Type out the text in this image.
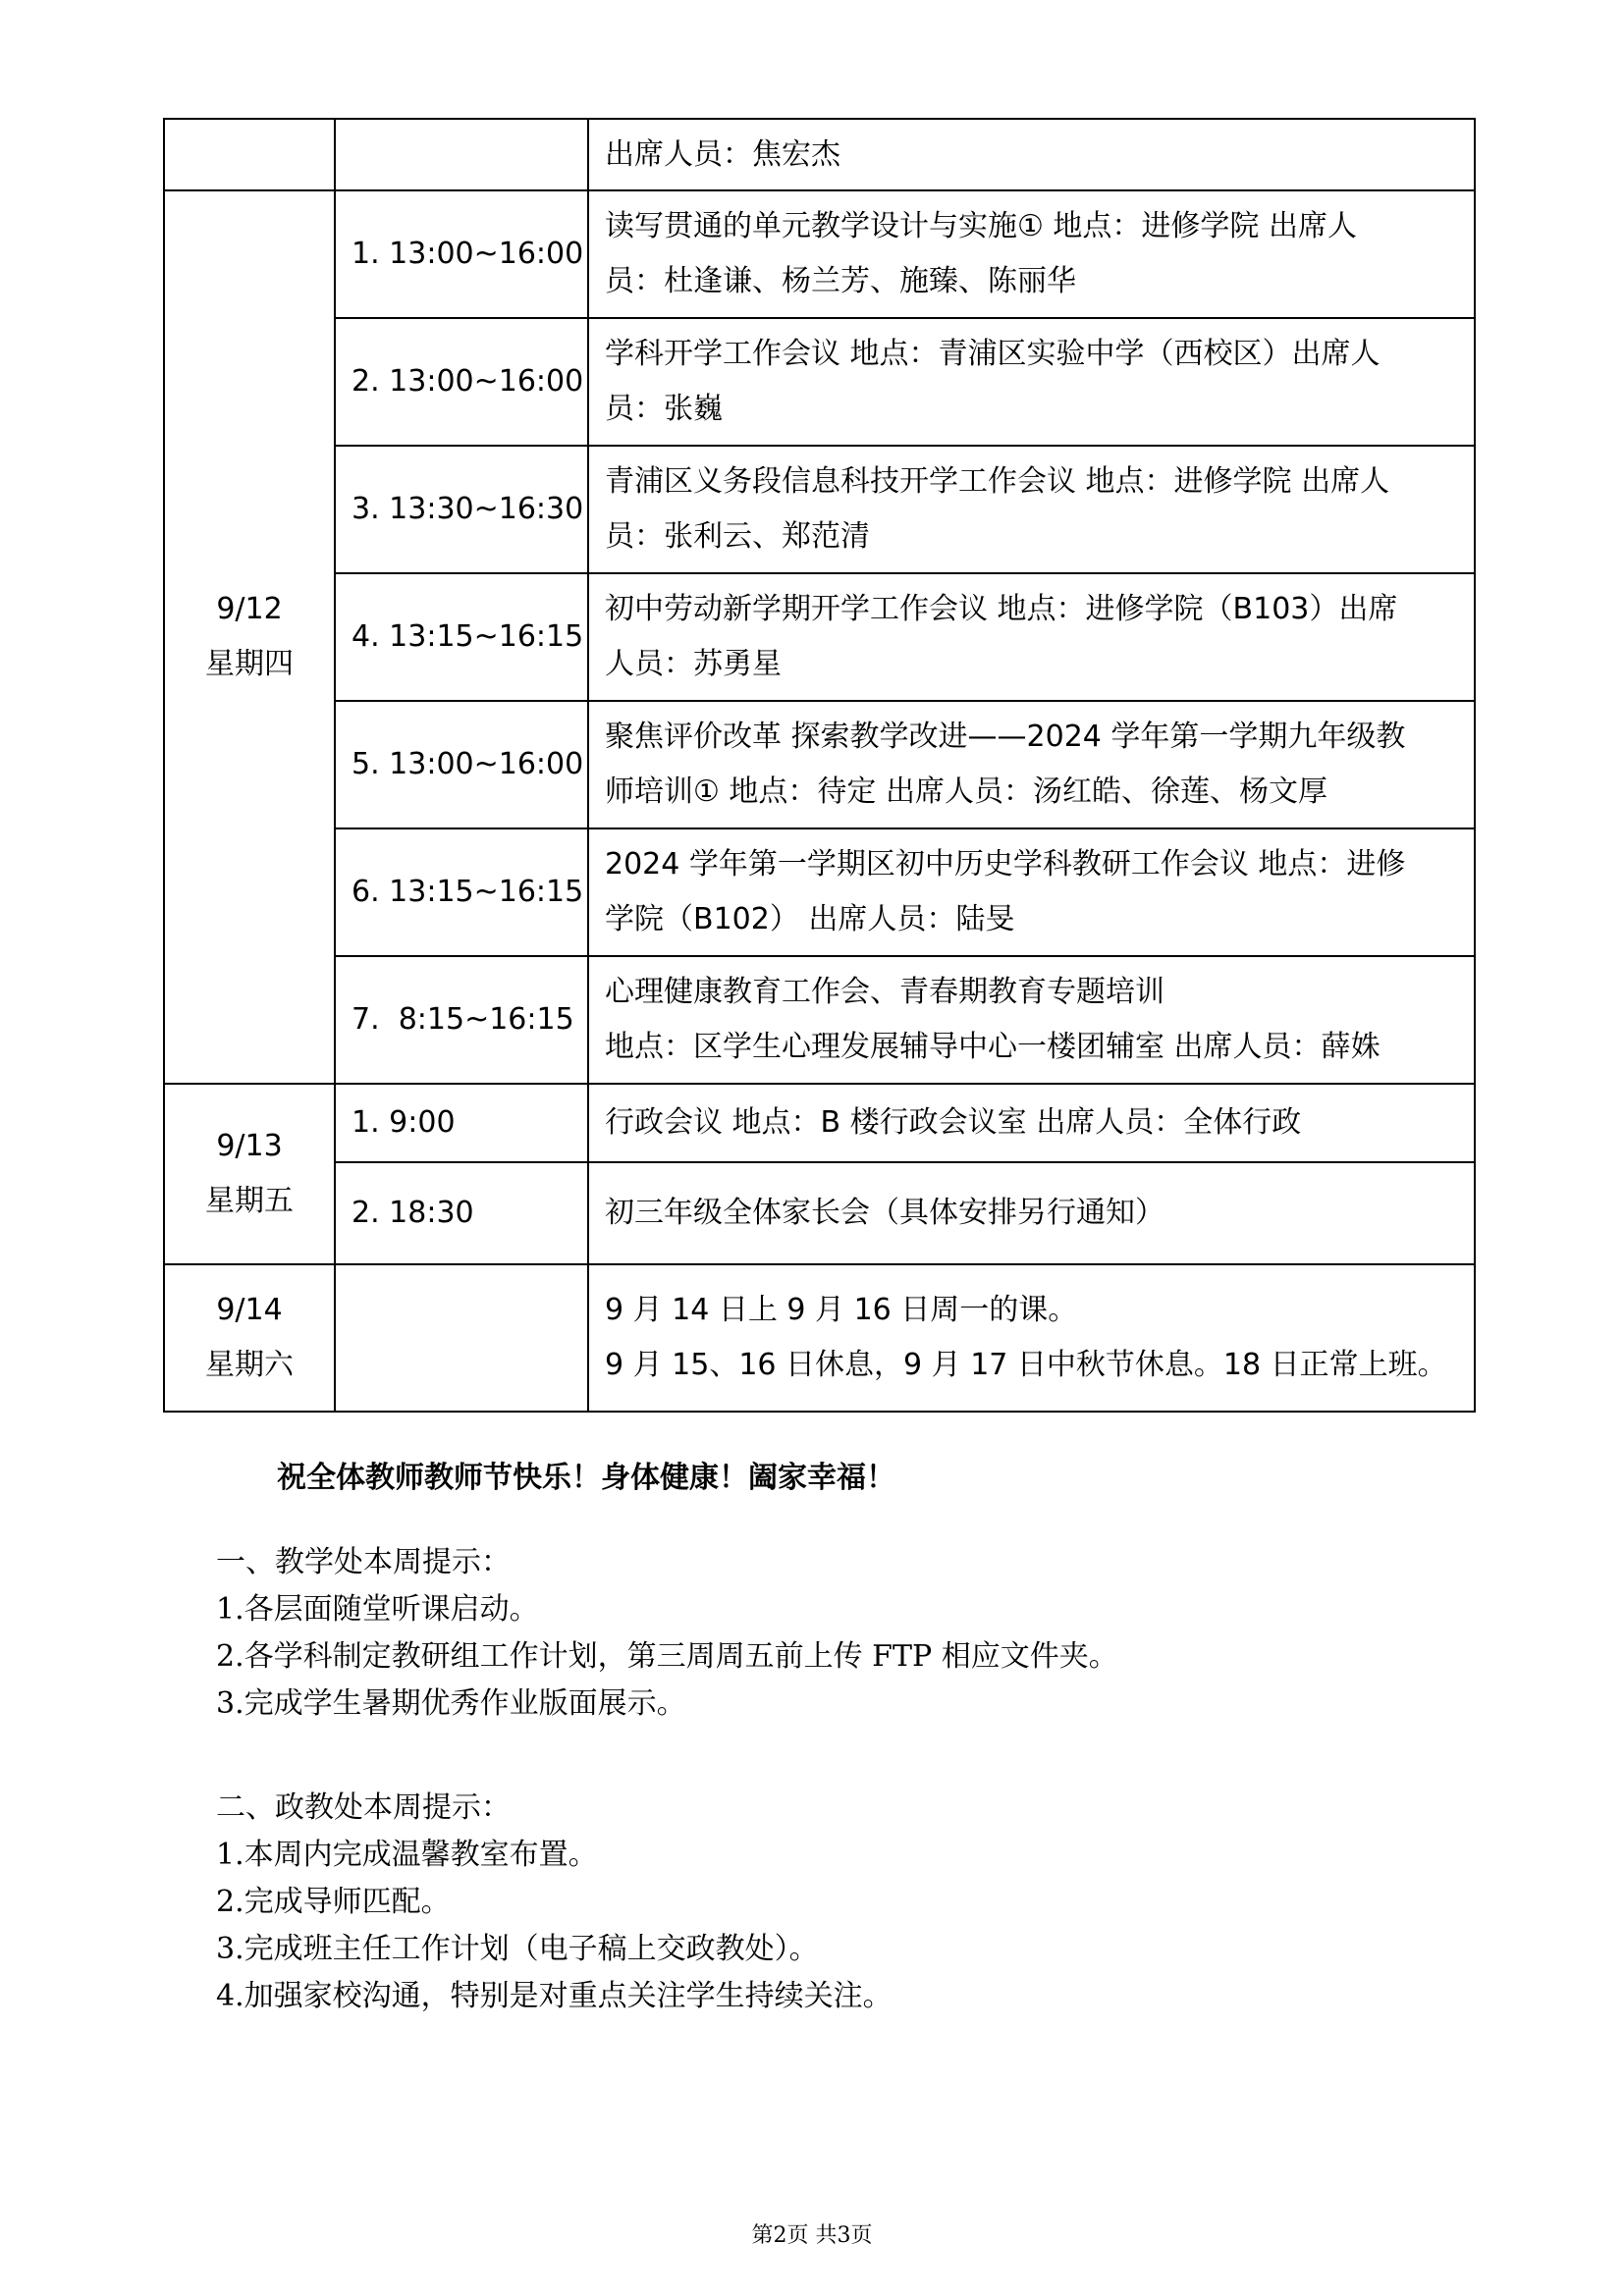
		出席人员：焦宏杰

9/12
星期四	1. 13:00~16:00	读写贯通的单元教学设计与实施① 地点：进修学院 出席人
员：杜逢谦、杨兰芳、施臻、陈丽华

	2. 13:00~16:00	学科开学工作会议 地点：青浦区实验中学（西校区）出席人
员：张巍

	3. 13:30~16:30	青浦区义务段信息科技开学工作会议 地点：进修学院 出席人
员：张利云、郑范清

	4. 13:15~16:15	初中劳动新学期开学工作会议 地点：进修学院（B103）出席
人员：苏勇星

	5. 13:00~16:00	聚焦评价改革 探索教学改进——2024 学年第一学期九年级教
师培训① 地点：待定 出席人员：汤红皓、徐莲、杨文厚

	6. 13:15~16:15	2024 学年第一学期区初中历史学科教研工作会议 地点：进修
学院（B102） 出席人员：陆旻

	7.  8:15~16:15	心理健康教育工作会、青春期教育专题培训
地点：区学生心理发展辅导中心一楼团辅室 出席人员：薛姝

9/13
星期五	1. 9:00	行政会议 地点：B 楼行政会议室 出席人员：全体行政

	2. 18:30	初三年级全体家长会（具体安排另行通知）

9/14
星期六		9 月 14 日上 9 月 16 日周一的课。
9 月 15、16 日休息，9 月 17 日中秋节休息。18 日正常上班。
祝全体教师教师节快乐！身体健康！阖家幸福！
一、教学处本周提示：
1.各层面随堂听课启动。
2.各学科制定教研组工作计划，第三周周五前上传 FTP 相应文件夹。
3.完成学生暑期优秀作业版面展示。
二、政教处本周提示：
1.本周内完成温馨教室布置。
2.完成导师匹配。
3.完成班主任工作计划（电子稿上交政教处）。
4.加强家校沟通，特别是对重点关注学生持续关注。
第2页 共3页
